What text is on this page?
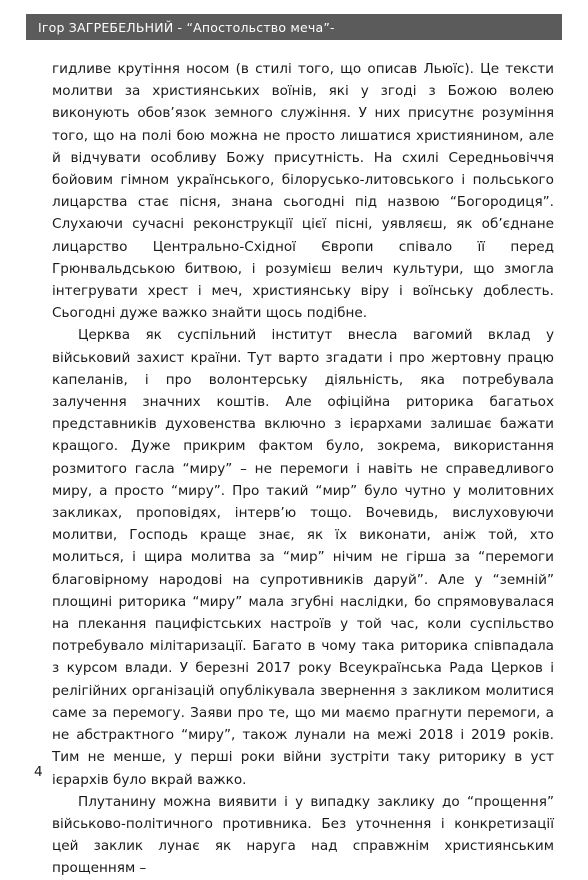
Ігор ЗАГРЕБЕЛЬНИЙ - “Апостольство меча”-

гидливе крутіння носом (в стилі того, що описав Льюїс). Це тексти молитви за християнських воїнів, які у згоді з Божою волею виконують обов’язок земного служіння. У них присутнє розуміння того, що на полі бою можна не просто лишатися християнином, але й відчувати особливу Божу присутність. На схилі Середньовіччя бойовим гімном українського, білорусько-литовського і польського лицарства стає пісня, знана сьогодні під назвою “Богородиця”. Слухаючи сучасні реконструкції цієї пісні, уявляєш, як об’єднане лицарство Центрально-Східної Європи співало її перед Грюнвальдською битвою, і розумієш велич культури, що змогла інтегрувати хрест і меч, християнську віру і воїнську доблесть. Сьогодні дуже важко знайти щось подібне.

Церква як суспільний інститут внесла вагомий вклад у військовий захист країни. Тут варто згадати і про жертовну працю капеланів, і про волонтерську діяльність, яка потребувала залучення значних коштів. Але офіційна риторика багатьох представників духовенства включно з ієрархами залишає бажати кращого. Дуже прикрим фактом було, зокрема, використання розмитого гасла “миру” – не перемоги і навіть не справедливого миру, а просто “миру”. Про такий “мир” було чутно у молитовних закликах, проповідях, інтерв’ю тощо. Вочевидь, вислуховуючи молитви, Господь краще знає, як їх виконати, аніж той, хто молиться, і щира молитва за “мир” нічим не гірша за “перемоги благовірному народові на супротивників даруй”. Але у “земній” площині риторика “миру” мала згубні наслідки, бо спрямовувалася на плекання пацифістських настроїв у той час, коли суспільство потребувало мілітаризації. Багато в чому така риторика співпадала з курсом влади. У березні 2017 року Всеукраїнська Рада Церков і релігійних організацій опублікувала звернення з закликом молитися саме за перемогу. Заяви про те, що ми маємо прагнути перемоги, а не абстрактного “миру”, також лунали на межі 2018 і 2019 років. Тим не менше, у перші роки війни зустріти таку риторику в уст ієрархів було вкрай важко.

Плутанину можна виявити і у випадку заклику до “прощення” військово-політичного противника. Без уточнення і конкретизації цей заклик лунає як наруга над справжнім християнським прощенням –

4
